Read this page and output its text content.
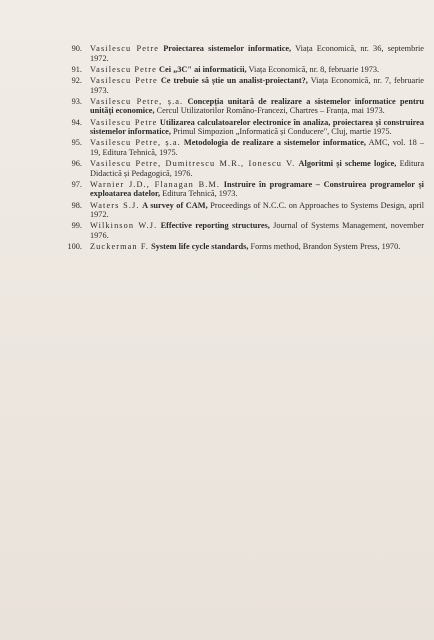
90. Vasilescu Petre Proiectarea sistemelor informatice, Viața Economică, nr. 36, septembrie 1972.
91. Vasilescu Petre Cei „3C" ai informaticii, Viața Economică, nr. 8, februarie 1973.
92. Vasilescu Petre Ce trebuie să știe un analist-proiectant?, Viața Economică, nr. 7, februarie 1973.
93. Vasilescu Petre, ș.a. Concepția unitară de realizare a sistemelor informatice pentru unități economice, Cercul Utilizatorilor Româno-Francezi, Chartres – Franța, mai 1973.
94. Vasilescu Petre Utilizarea calculatoarelor electronice în analiza, proiectarea și construirea sistemelor informatice, Primul Simpozion „Informatică și Conducere", Cluj, martie 1975.
95. Vasilescu Petre, ș.a. Metodologia de realizare a sistemelor informatice, AMC, vol. 18 – 19, Editura Tehnică, 1975.
96. Vasilescu Petre, Dumitrescu M.R., Ionescu V. Algoritmi și scheme logice, Editura Didactică și Pedagogică, 1976.
97. Warnier J.D., Flanagan B.M. Instruire în programare – Construirea programelor și exploatarea datelor, Editura Tehnică, 1973.
98. Waters S.J. A survey of CAM, Proceedings of N.C.C. on Approaches to Systems Design, april 1972.
99. Wilkinson W.J. Effective reporting structures, Journal of Systems Management, november 1976.
100. Zuckerman F. System life cycle standards, Forms method, Brandon System Press, 1970.
